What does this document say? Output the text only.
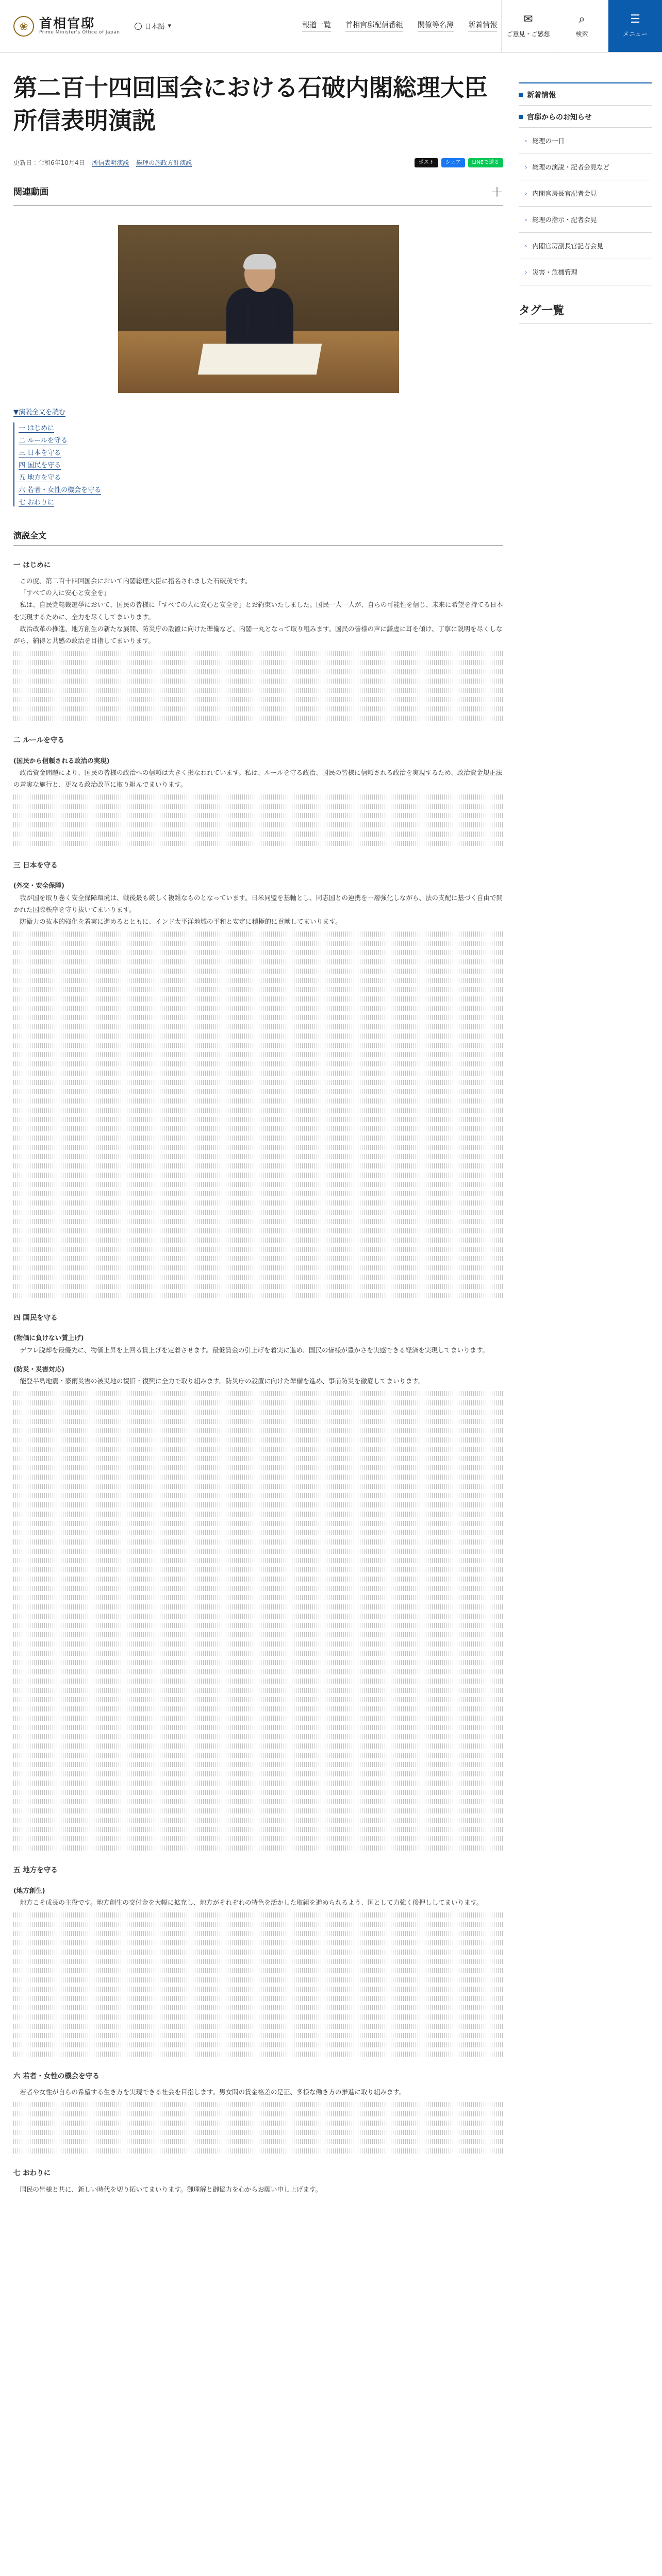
❀ 首相官邸
Prime Minister's Office of Japan
日本語 ▾	報道一覧 首相官邸配信番組 閣僚等名簿 新着情報 ✉
ご意見・ご感想
⌕
検索
☰
メニュー
第二百十四回国会における石破内閣総理大臣所信表明演説
更新日：令和6年10月4日 所信表明演説 総理の施政方針演説	ポスト	シェア	LINEで送る
関連動画	＋
▼演説全文を読む
一 はじめに
二 ルールを守る
三 日本を守る
四 国民を守る
五 地方を守る
六 若者・女性の機会を守る
七 おわりに
演説全文
一 はじめに

この度、第二百十四回国会において内閣総理大臣に指名されました石破茂です。

「すべての人に安心と安全を」

私は、自民党総裁選挙において、国民の皆様に「すべての人に安心と安全を」とお約束いたしました。国民一人一人が、自らの可能性を信じ、未来に希望を持てる日本を実現するために、全力を尽くしてまいります。

政治改革の推進、地方創生の新たな展開、防災庁の設置に向けた準備など、内閣一丸となって取り組みます。国民の皆様の声に謙虚に耳を傾け、丁寧に説明を尽くしながら、納得と共感の政治を目指してまいります。

二 ルールを守る
(国民から信頼される政治の実現)

政治資金問題により、国民の皆様の政治への信頼は大きく損なわれています。私は、ルールを守る政治、国民の皆様に信頼される政治を実現するため、政治資金規正法の着実な施行と、更なる政治改革に取り組んでまいります。

三 日本を守る
(外交・安全保障)

我が国を取り巻く安全保障環境は、戦後最も厳しく複雑なものとなっています。日米同盟を基軸とし、同志国との連携を一層強化しながら、法の支配に基づく自由で開かれた国際秩序を守り抜いてまいります。

防衛力の抜本的強化を着実に進めるとともに、インド太平洋地域の平和と安定に積極的に貢献してまいります。

四 国民を守る
(物価に負けない賃上げ)

デフレ脱却を最優先に、物価上昇を上回る賃上げを定着させます。最低賃金の引上げを着実に進め、国民の皆様が豊かさを実感できる経済を実現してまいります。

(防災・災害対応)

能登半島地震・豪雨災害の被災地の復旧・復興に全力で取り組みます。防災庁の設置に向けた準備を進め、事前防災を徹底してまいります。

五 地方を守る
(地方創生)

地方こそ成長の主役です。地方創生の交付金を大幅に拡充し、地方がそれぞれの特色を活かした取組を進められるよう、国として力強く後押ししてまいります。

六 若者・女性の機会を守る

若者や女性が自らの希望する生き方を実現できる社会を目指します。男女間の賃金格差の是正、多様な働き方の推進に取り組みます。

七 おわりに

国民の皆様と共に、新しい時代を切り拓いてまいります。御理解と御協力を心からお願い申し上げます。

新着情報
官邸からのお知らせ
› 総理の一日
› 総理の演説・記者会見など
› 内閣官房長官記者会見
› 総理の指示・記者会見
› 内閣官房副長官記者会見
› 災害・危機管理
タグ一覧
